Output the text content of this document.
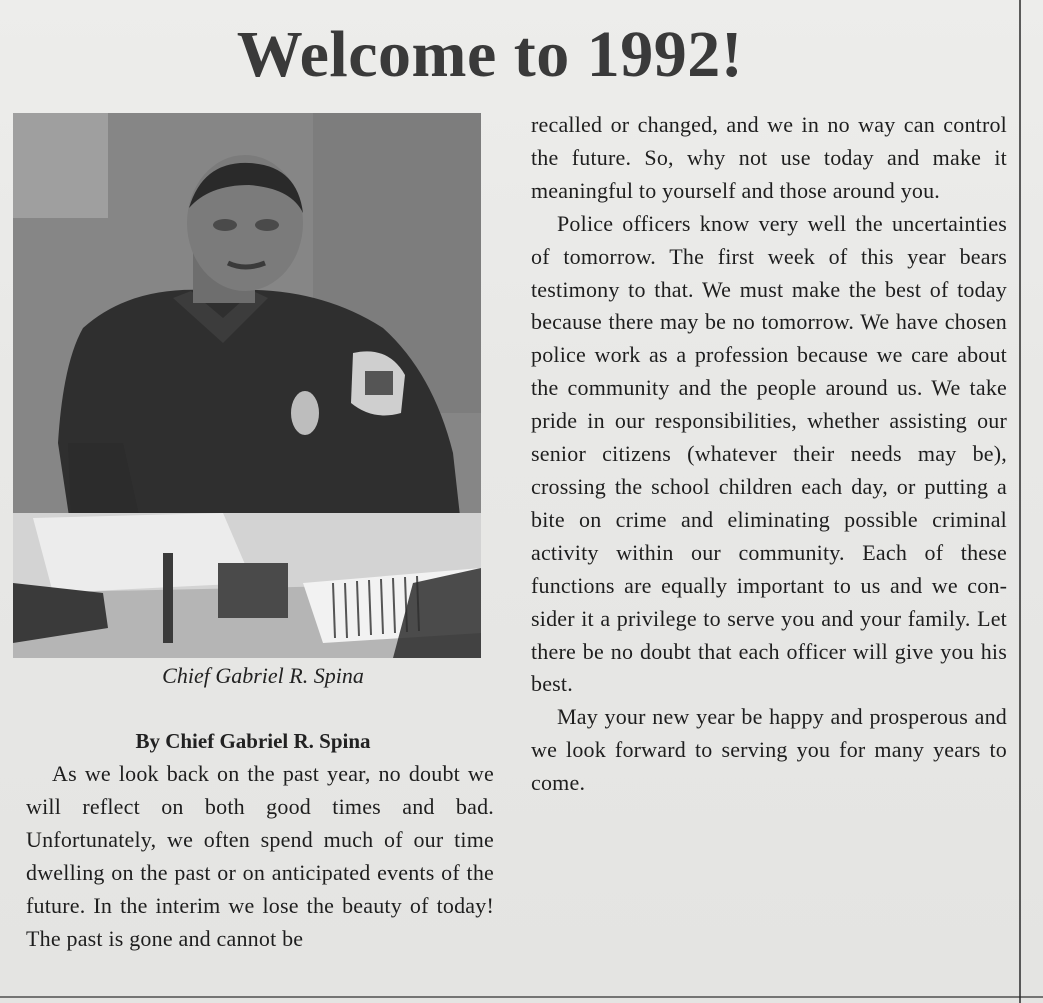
Welcome to 1992!
Chief Gabriel R. Spina
By Chief Gabriel R. Spina

As we look back on the past year, no doubt we will reflect on both good times and bad. Unfortunately, we often spend much of our time dwelling on the past or on anticipated events of the future. In the interim we lose the beauty of today! The past is gone and cannot be

recalled or changed, and we in no way can control the future. So, why not use today and make it meaningful to yourself and those around you.

Police officers know very well the uncertainties of tomorrow. The first week of this year bears testimony to that. We must make the best of today because there may be no tomorrow. We have chosen police work as a profession because we care about the community and the people around us. We take pride in our responsibilities, whether assisting our senior citizens (whatever their needs may be), crossing the school children each day, or putting a bite on crime and eliminating possible criminal activity within our community. Each of these functions are equally important to us and we consider it a privilege to serve you and your family. Let there be no doubt that each officer will give you his best.

May your new year be happy and prosperous and we look forward to serving you for many years to come.
